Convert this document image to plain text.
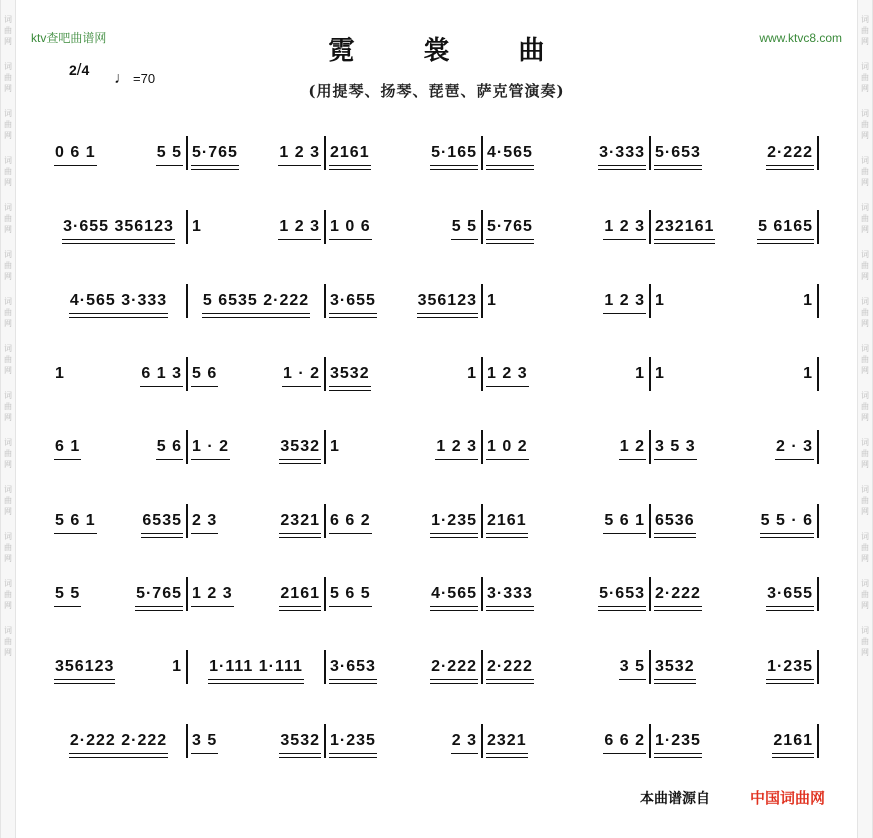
词
曲
网
词
曲
网
词
曲
网
词
曲
网
词
曲
网
词
曲
网
词
曲
网
词
曲
网
词
曲
网
词
曲
网
词
曲
网
词
曲
网
词
曲
网
词
曲
网
词
曲
网
词
曲
网
词
曲
网
词
曲
网
词
曲
网
词
曲
网
词
曲
网
词
曲
网
词
曲
网
词
曲
网
词
曲
网
词
曲
网
词
曲
网
词
曲
网
ktv查吧曲谱网	www.ktvc8.com
霓 裳 曲
(用提琴、扬琴、琵琶、萨克管演奏)
2/4 ♩ =70
0 6 1	5 5 5·765	1 2 3 2161	5·165 4·565	3·333 5·653	2·222
3·655 356123 1	1 2 3 1 0 6	5 5 5·765	1 2 3 232161	5 6165
4·565 3·333 5 6535 2·222 3·655	356123 1	1 2 3 1	1
1	6 1 3 5 6	1 · 2 3532	1 1 2 3	1 1	1
6 1	5 6 1 · 2	3532 1	1 2 3 1 0 2	1 2 3 5 3	2 · 3
5 6 1	6535 2 3	2321 6 6 2	1·235 2161	5 6 1 6536	5 5 · 6
5 5	5·765 1 2 3	2161 5 6 5	4·565 3·333	5·653 2·222	3·655
356123	1 1·111 1·111 3·653	2·222 2·222	3 5 3532	1·235
2·222 2·222 3 5	3532 1·235	2 3 2321	6 6 2 1·235	2161
本曲谱源自	中国词曲网
